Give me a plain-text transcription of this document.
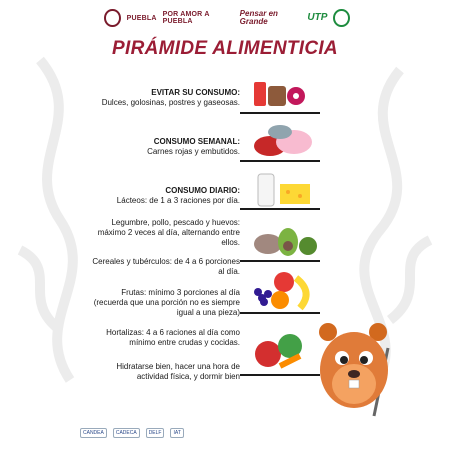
PUEBLA POR AMOR A PUEBLA
Pensar en Grande	UTP
PIRÁMIDE ALIMENTICIA
EVITAR SU CONSUMO:
Dulces, golosinas, postres y gaseosas.
CONSUMO SEMANAL:
Carnes rojas y embutidos.
CONSUMO DIARIO:
Lácteos: de 1 a 3 raciones por día.
Legumbre, pollo, pescado y huevos: máximo 2 veces al día, alternando entre ellos.
Cereales y tubérculos: de 4 a 6 porciones al día.
Frutas: mínimo 3 porciones al día (recuerda que una porción no es siempre igual a una pieza)
Hortalizas: 4 a 6 raciones al día como mínimo entre crudas y cocidas.
Hidratarse bien, hacer una hora de actividad física, y dormir bien
CANDEA	CADECA	DELF	IAT
